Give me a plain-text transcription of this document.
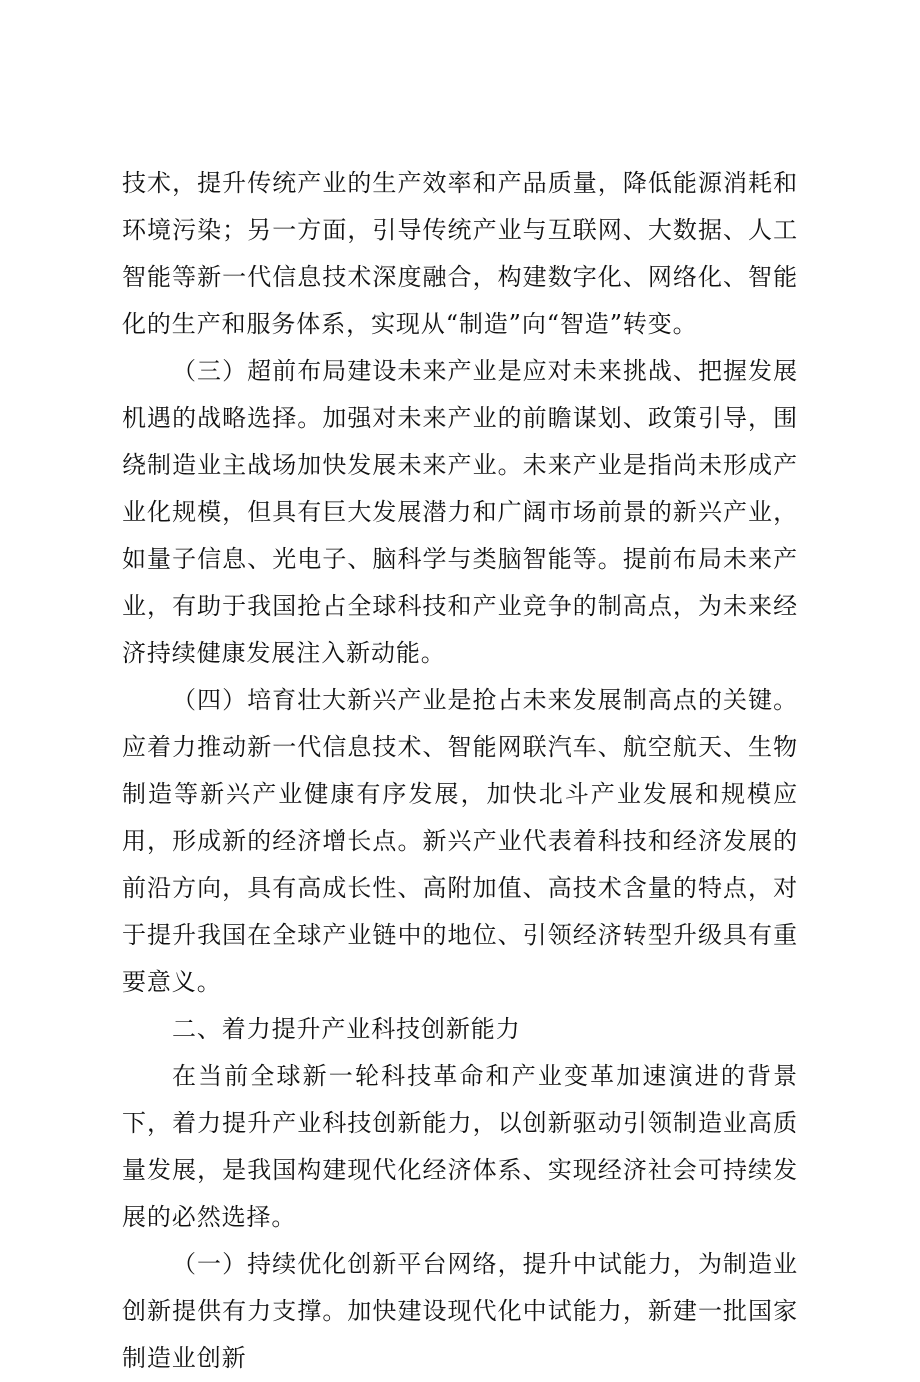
技术，提升传统产业的生产效率和产品质量，降低能源消耗和环境污染；另一方面，引导传统产业与互联网、大数据、人工智能等新一代信息技术深度融合，构建数字化、网络化、智能化的生产和服务体系，实现从“制造”向“智造”转变。

（三）超前布局建设未来产业是应对未来挑战、把握发展机遇的战略选择。加强对未来产业的前瞻谋划、政策引导，围绕制造业主战场加快发展未来产业。未来产业是指尚未形成产业化规模，但具有巨大发展潜力和广阔市场前景的新兴产业，如量子信息、光电子、脑科学与类脑智能等。提前布局未来产业，有助于我国抢占全球科技和产业竞争的制高点，为未来经济持续健康发展注入新动能。

（四）培育壮大新兴产业是抢占未来发展制高点的关键。应着力推动新一代信息技术、智能网联汽车、航空航天、生物制造等新兴产业健康有序发展，加快北斗产业发展和规模应用，形成新的经济增长点。新兴产业代表着科技和经济发展的前沿方向，具有高成长性、高附加值、高技术含量的特点，对于提升我国在全球产业链中的地位、引领经济转型升级具有重要意义。

二、着力提升产业科技创新能力

在当前全球新一轮科技革命和产业变革加速演进的背景下，着力提升产业科技创新能力，以创新驱动引领制造业高质量发展，是我国构建现代化经济体系、实现经济社会可持续发展的必然选择。

（一）持续优化创新平台网络，提升中试能力，为制造业创新提供有力支撑。加快建设现代化中试能力，新建一批国家制造业创新
